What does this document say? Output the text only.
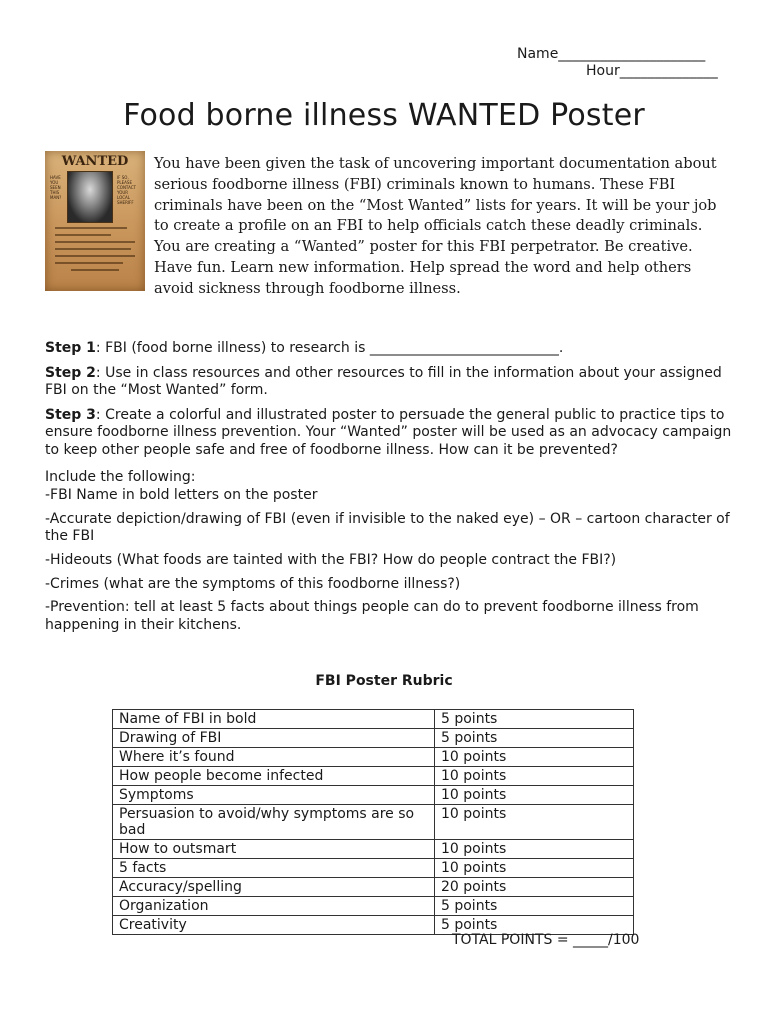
Name_____________________
Hour______________
Food borne illness WANTED Poster
WANTED
HAVE YOU SEEN THIS MAN?
IF SO, PLEASE CONTACT YOUR LOCAL SHERIFF
You have been given the task of uncovering important documentation about serious foodborne illness (FBI) criminals known to humans. These FBI criminals have been on the “Most Wanted” lists for years. It will be your job to create a profile on an FBI to help officials catch these deadly criminals. You are creating a “Wanted” poster for this FBI perpetrator. Be creative. Have fun. Learn new information. Help spread the word and help others avoid sickness through foodborne illness.

Step 1: FBI (food borne illness) to research is ___________________________.

Step 2: Use in class resources and other resources to fill in the information about your assigned FBI on the “Most Wanted” form.

Step 3: Create a colorful and illustrated poster to persuade the general public to practice tips to ensure foodborne illness prevention. Your “Wanted” poster will be used as an advocacy campaign to keep other people safe and free of foodborne illness. How can it be prevented?

Include the following:
-FBI Name in bold letters on the poster
-Accurate depiction/drawing of FBI (even if invisible to the naked eye) – OR – cartoon character of the FBI
-Hideouts (What foods are tainted with the FBI? How do people contract the FBI?)
-Crimes (what are the symptoms of this foodborne illness?)
-Prevention: tell at least 5 facts about things people can do to prevent foodborne illness from happening in their kitchens.
FBI Poster Rubric
Name of FBI in bold	5 points
Drawing of FBI	5 points
Where it’s found	10 points
How people become infected	10 points
Symptoms	10 points
Persuasion to avoid/why symptoms are so bad	10 points
How to outsmart	10 points
5 facts	10 points
Accuracy/spelling	20 points
Organization	5 points
Creativity	5 points
TOTAL POINTS = _____/100
